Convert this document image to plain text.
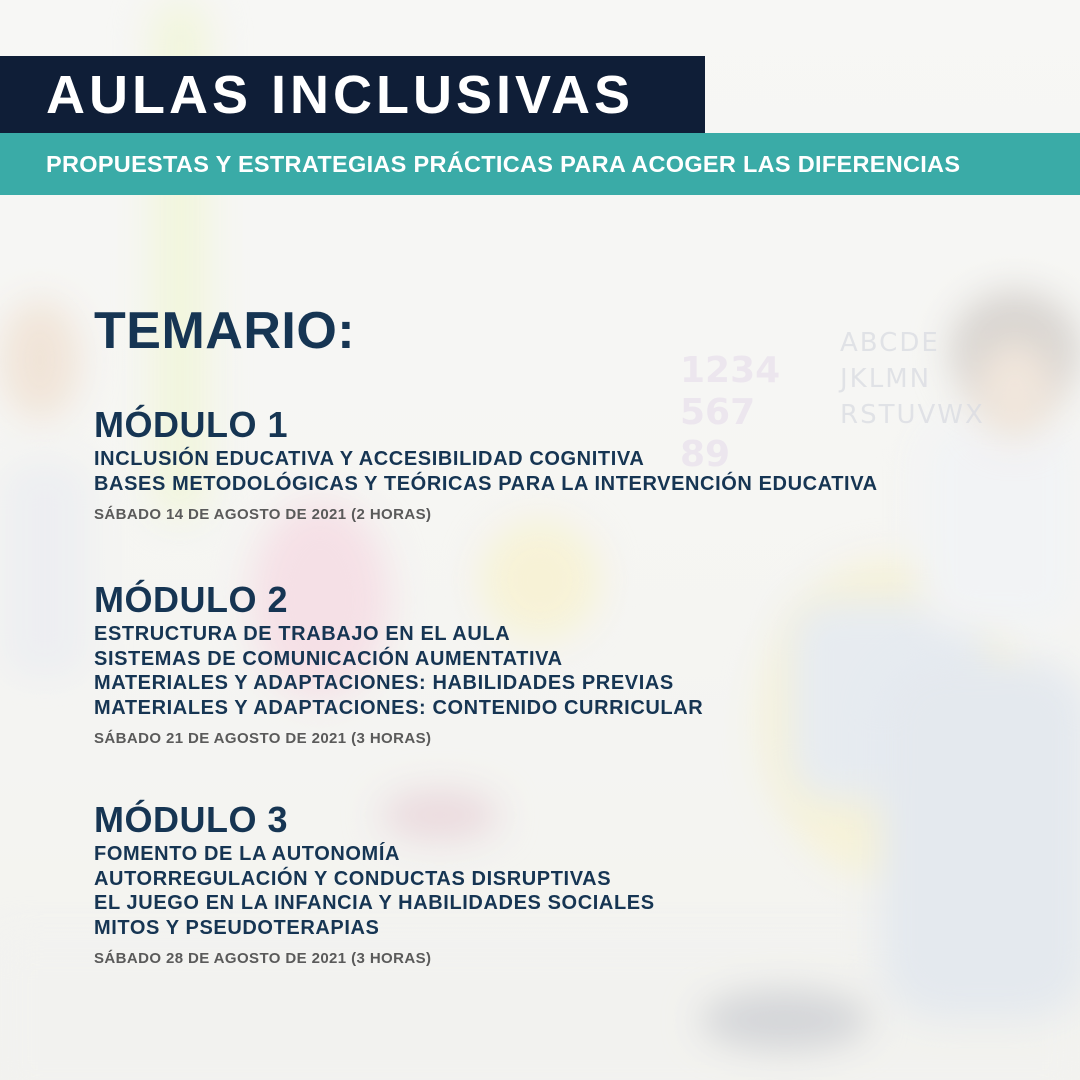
ABCDE JKLMN RSTUVWX
1234 567 89
AULAS INCLUSIVAS
PROPUESTAS Y ESTRATEGIAS PRÁCTICAS PARA ACOGER LAS DIFERENCIAS
TEMARIO:
MÓDULO 1
INCLUSIÓN EDUCATIVA Y ACCESIBILIDAD COGNITIVA
BASES METODOLÓGICAS Y TEÓRICAS PARA LA INTERVENCIÓN EDUCATIVA
SÁBADO 14 DE AGOSTO DE 2021 (2 HORAS)
MÓDULO 2
ESTRUCTURA DE TRABAJO EN EL AULA
SISTEMAS DE COMUNICACIÓN AUMENTATIVA
MATERIALES Y ADAPTACIONES: HABILIDADES PREVIAS
MATERIALES Y ADAPTACIONES: CONTENIDO CURRICULAR
SÁBADO 21 DE AGOSTO DE 2021 (3 HORAS)
MÓDULO 3
FOMENTO DE LA AUTONOMÍA
AUTORREGULACIÓN Y CONDUCTAS DISRUPTIVAS
EL JUEGO EN LA INFANCIA Y HABILIDADES SOCIALES
MITOS Y PSEUDOTERAPIAS
SÁBADO 28 DE AGOSTO DE 2021 (3 HORAS)
